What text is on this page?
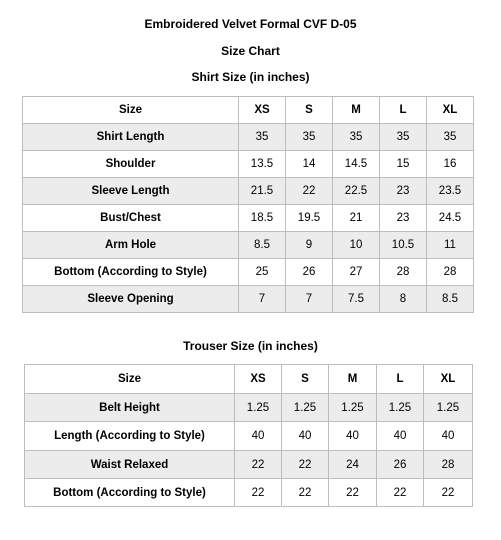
Embroidered Velvet Formal CVF D-05
Size Chart
Shirt Size (in inches)
Size	XS	S	M	L	XL
Shirt Length	35	35	35	35	35
Shoulder	13.5	14	14.5	15	16
Sleeve Length	21.5	22	22.5	23	23.5
Bust/Chest	18.5	19.5	21	23	24.5
Arm Hole	8.5	9	10	10.5	11
Bottom (According to Style)	25	26	27	28	28
Sleeve Opening	7	7	7.5	8	8.5
Trouser Size (in inches)
Size	XS	S	M	L	XL
Belt Height	1.25	1.25	1.25	1.25	1.25
Length (According to Style)	40	40	40	40	40
Waist Relaxed	22	22	24	26	28
Bottom (According to Style)	22	22	22	22	22
